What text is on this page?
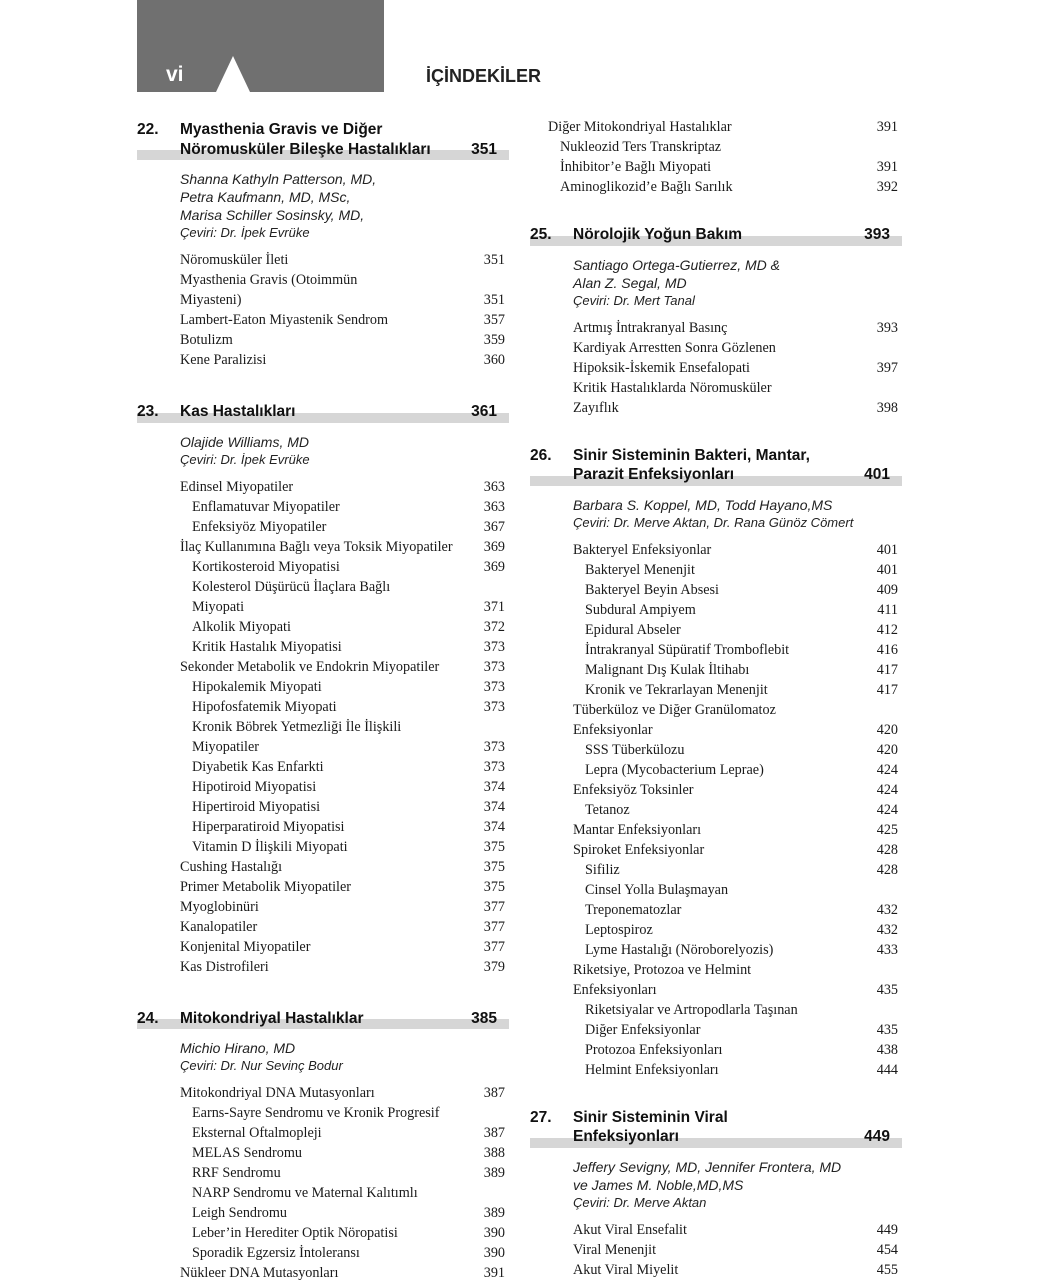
vi	İÇİNDEKİLER
22. Myasthenia Gravis ve Diğer
Nöromusküler Bileşke Hastalıkları	351
Shanna Kathyln Patterson, MD,
Petra Kaufmann, MD, MSc,
Marisa Schiller Sosinsky, MD,
Çeviri: Dr. İpek Evrüke
Nöromusküler İleti	351
Myasthenia Gravis (Otoimmün
Miyasteni)	351
Lambert-Eaton Miyastenik Sendrom	357
Botulizm	359
Kene Paralizisi	360
23. Kas Hastalıkları	361
Olajide Williams, MD
Çeviri: Dr. İpek Evrüke
Edinsel Miyopatiler	363
Enflamatuvar Miyopatiler	363
Enfeksiyöz Miyopatiler	367
İlaç Kullanımına Bağlı veya Toksik Miyopatiler	369
Kortikosteroid Miyopatisi	369
Kolesterol Düşürücü İlaçlara Bağlı
Miyopati	371
Alkolik Miyopati	372
Kritik Hastalık Miyopatisi	373
Sekonder Metabolik ve Endokrin Miyopatiler	373
Hipokalemik Miyopati	373
Hipofosfatemik Miyopati	373
Kronik Böbrek Yetmezliği İle İlişkili
Miyopatiler	373
Diyabetik Kas Enfarkti	373
Hipotiroid Miyopatisi	374
Hipertiroid Miyopatisi	374
Hiperparatiroid Miyopatisi	374
Vitamin D İlişkili Miyopati	375
Cushing Hastalığı	375
Primer Metabolik Miyopatiler	375
Myoglobinüri	377
Kanalopatiler	377
Konjenital Miyopatiler	377
Kas Distrofileri	379
24. Mitokondriyal Hastalıklar	385
Michio Hirano, MD
Çeviri: Dr. Nur Sevinç Bodur
Mitokondriyal DNA Mutasyonları	387
Earns-Sayre Sendromu ve Kronik Progresif
Eksternal Oftalmopleji	387
MELAS Sendromu	388
RRF Sendromu	389
NARP Sendromu ve Maternal Kalıtımlı
Leigh Sendromu	389
Leber’in Herediter Optik Nöropatisi	390
Sporadik Egzersiz İntoleransı	390
Nükleer DNA Mutasyonları	391
Diğer Mitokondriyal Hastalıklar	391
Nukleozid Ters Transkriptaz
İnhibitor’e Bağlı Miyopati	391
Aminoglikozid’e Bağlı Sarılık	392
25. Nörolojik Yoğun Bakım	393
Santiago Ortega-Gutierrez, MD &
Alan Z. Segal, MD
Çeviri: Dr. Mert Tanal
Artmış İntrakranyal Basınç	393
Kardiyak Arrestten Sonra Gözlenen
Hipoksik-İskemik Ensefalopati	397
Kritik Hastalıklarda Nöromusküler
Zayıflık	398
26. Sinir Sisteminin Bakteri, Mantar,
Parazit Enfeksiyonları	401
Barbara S. Koppel, MD, Todd Hayano,MS
Çeviri: Dr. Merve Aktan, Dr. Rana Günöz Cömert
Bakteryel Enfeksiyonlar	401
Bakteryel Menenjit	401
Bakteryel Beyin Absesi	409
Subdural Ampiyem	411
Epidural Abseler	412
İntrakranyal Süpüratif Tromboflebit	416
Malignant Dış Kulak İltihabı	417
Kronik ve Tekrarlayan Menenjit	417
Tüberküloz ve Diğer Granülomatoz
Enfeksiyonlar	420
SSS Tüberkülozu	420
Lepra (Mycobacterium Leprae)	424
Enfeksiyöz Toksinler	424
Tetanoz	424
Mantar Enfeksiyonları	425
Spiroket Enfeksiyonlar	428
Sifiliz	428
Cinsel Yolla Bulaşmayan
Treponematozlar	432
Leptospiroz	432
Lyme Hastalığı (Nöroborelyozis)	433
Riketsiye, Protozoa ve Helmint
Enfeksiyonları	435
Riketsiyalar ve Artropodlarla Taşınan
Diğer Enfeksiyonlar	435
Protozoa Enfeksiyonları	438
Helmint Enfeksiyonları	444
27. Sinir Sisteminin Viral
Enfeksiyonları	449
Jeffery Sevigny, MD, Jennifer Frontera, MD
ve James M. Noble,MD,MS
Çeviri: Dr. Merve Aktan
Akut Viral Ensefalit	449
Viral Menenjit	454
Akut Viral Miyelit	455
